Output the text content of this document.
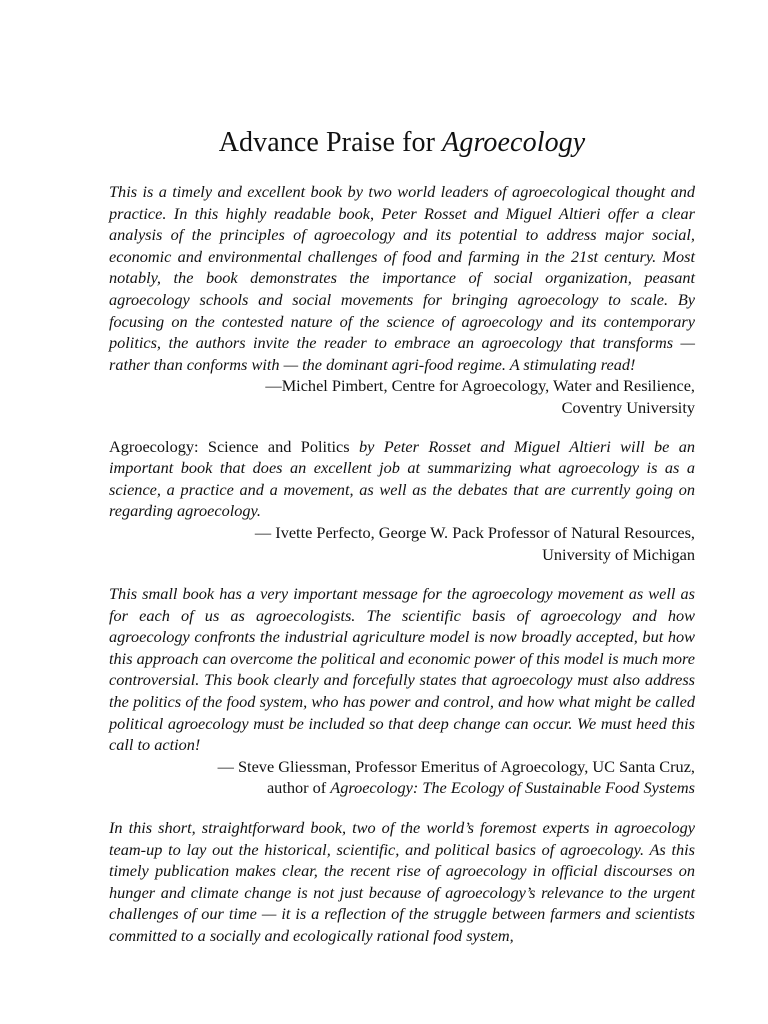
Advance Praise for Agroecology

This is a timely and excellent book by two world leaders of agroecological thought and practice. In this highly readable book, Peter Rosset and Miguel Altieri offer a clear analysis of the principles of agroecology and its potential to address major social, economic and environmental challenges of food and farming in the 21st century. Most notably, the book demonstrates the importance of social organization, peasant agroecology schools and social movements for bringing agroecology to scale. By focusing on the contested nature of the science of agroecology and its contemporary politics, the authors invite the reader to embrace an agroecology that transforms — rather than conforms with — the dominant agri-food regime. A stimulating read!

—Michel Pimbert, Centre for Agroecology, Water and Resilience,
Coventry University

Agroecology: Science and Politics by Peter Rosset and Miguel Altieri will be an important book that does an excellent job at summarizing what agroecology is as a science, a practice and a movement, as well as the debates that are currently going on regarding agroecology.

— Ivette Perfecto, George W. Pack Professor of Natural Resources,
University of Michigan

This small book has a very important message for the agroecology movement as well as for each of us as agroecologists. The scientific basis of agroecology and how agroecology confronts the industrial agriculture model is now broadly accepted, but how this approach can overcome the political and economic power of this model is much more controversial. This book clearly and forcefully states that agroecology must also address the politics of the food system, who has power and control, and how what might be called political agroecology must be included so that deep change can occur. We must heed this call to action!

— Steve Gliessman, Professor Emeritus of Agroecology, UC Santa Cruz,
author of Agroecology: The Ecology of Sustainable Food Systems

In this short, straightforward book, two of the world’s foremost experts in agroecology team-up to lay out the historical, scientific, and political basics of agroecology. As this timely publication makes clear, the recent rise of agroecology in official discourses on hunger and climate change is not just because of agroecology’s relevance to the urgent challenges of our time — it is a reflection of the struggle between farmers and scientists committed to a socially and ecologically rational food system,
